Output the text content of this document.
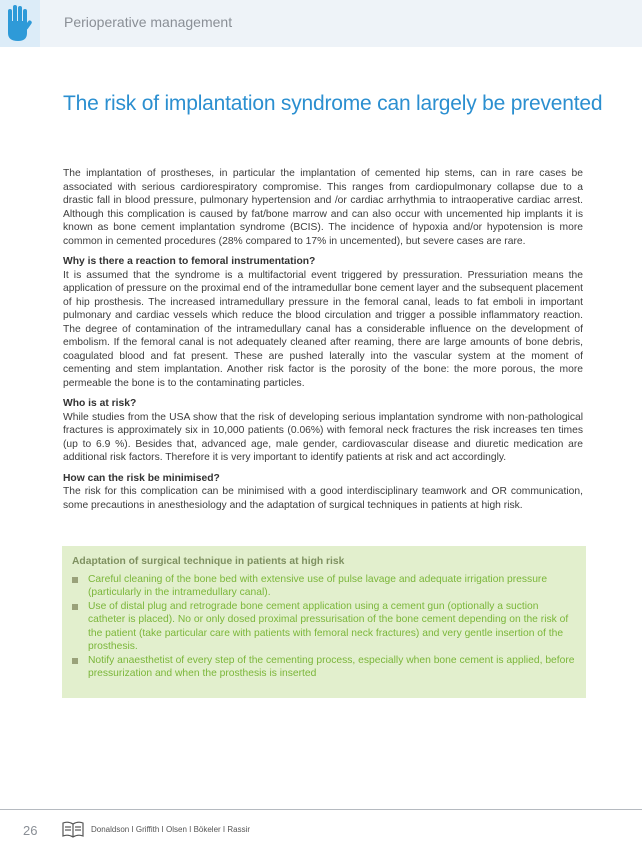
Perioperative management
The risk of implantation syndrome can largely be prevented

The implantation of prostheses, in particular the implantation of cemented hip stems, can in rare cases be associated with serious cardiorespiratory compromise. This ranges from cardiopulmonary collapse due to a drastic fall in blood pressure, pulmonary hypertension and /or cardiac arrhythmia to intraoperative cardiac arrest. Although this complication is caused by fat/bone marrow and can also occur with uncemented hip implants it is known as bone cement implantation syndrome (BCIS). The incidence of hypoxia and/or hypotension is more common in cemented procedures (28% compared to 17% in uncemented), but severe cases are rare.

Why is there a reaction to femoral instrumentation?

It is assumed that the syndrome is a multifactorial event triggered by pressuration. Pressuriation means the application of pressure on the proximal end of the intramedullar bone cement layer and the subsequent placement of hip prosthesis. The increased intramedullary pressure in the femoral canal, leads to fat emboli in important pulmonary and cardiac vessels which reduce the blood circulation and trigger a possible inflammatory reaction. The degree of contamination of the intramedullary canal has a considerable influence on the development of embolism. If the femoral canal is not adequately cleaned after reaming, there are large amounts of bone debris, coagulated blood and fat present. These are pushed laterally into the vascular system at the moment of cementing and stem implantation. Another risk factor is the porosity of the bone: the more porous, the more permeable the bone is to the contaminating particles.

Who is at risk?

While studies from the USA show that the risk of developing serious implantation syndrome with non-pathological fractures is approximately six in 10,000 patients (0.06%) with femoral neck fractures the risk increases ten times (up to 6.9 %). Besides that, advanced age, male gender, cardiovascular disease and diuretic medication are additional risk factors. Therefore it is very important to identify patients at risk and act accordingly.

How can the risk be minimised?

The risk for this complication can be minimised with a good interdisciplinary teamwork and OR communication, some precautions in anesthesiology and the adaptation of surgical techniques in patients at high risk.

Adaptation of surgical technique in patients at high risk
Careful cleaning of the bone bed with extensive use of pulse lavage and adequate irrigation pressure (particularly in the intramedullary canal).
Use of distal plug and retrograde bone cement application using a cement gun (optionally a suction catheter is placed). No or only dosed proximal pressurisation of the bone cement depending on the risk of the patient (take particular care with patients with femoral neck fractures) and very gentle insertion of the prosthesis.
Notify anaesthetist of every step of the cementing process, especially when bone cement is applied, before pressurization and when the prosthesis is inserted
26	Donaldson I Griffith I Olsen I Bökeler I Rassir
